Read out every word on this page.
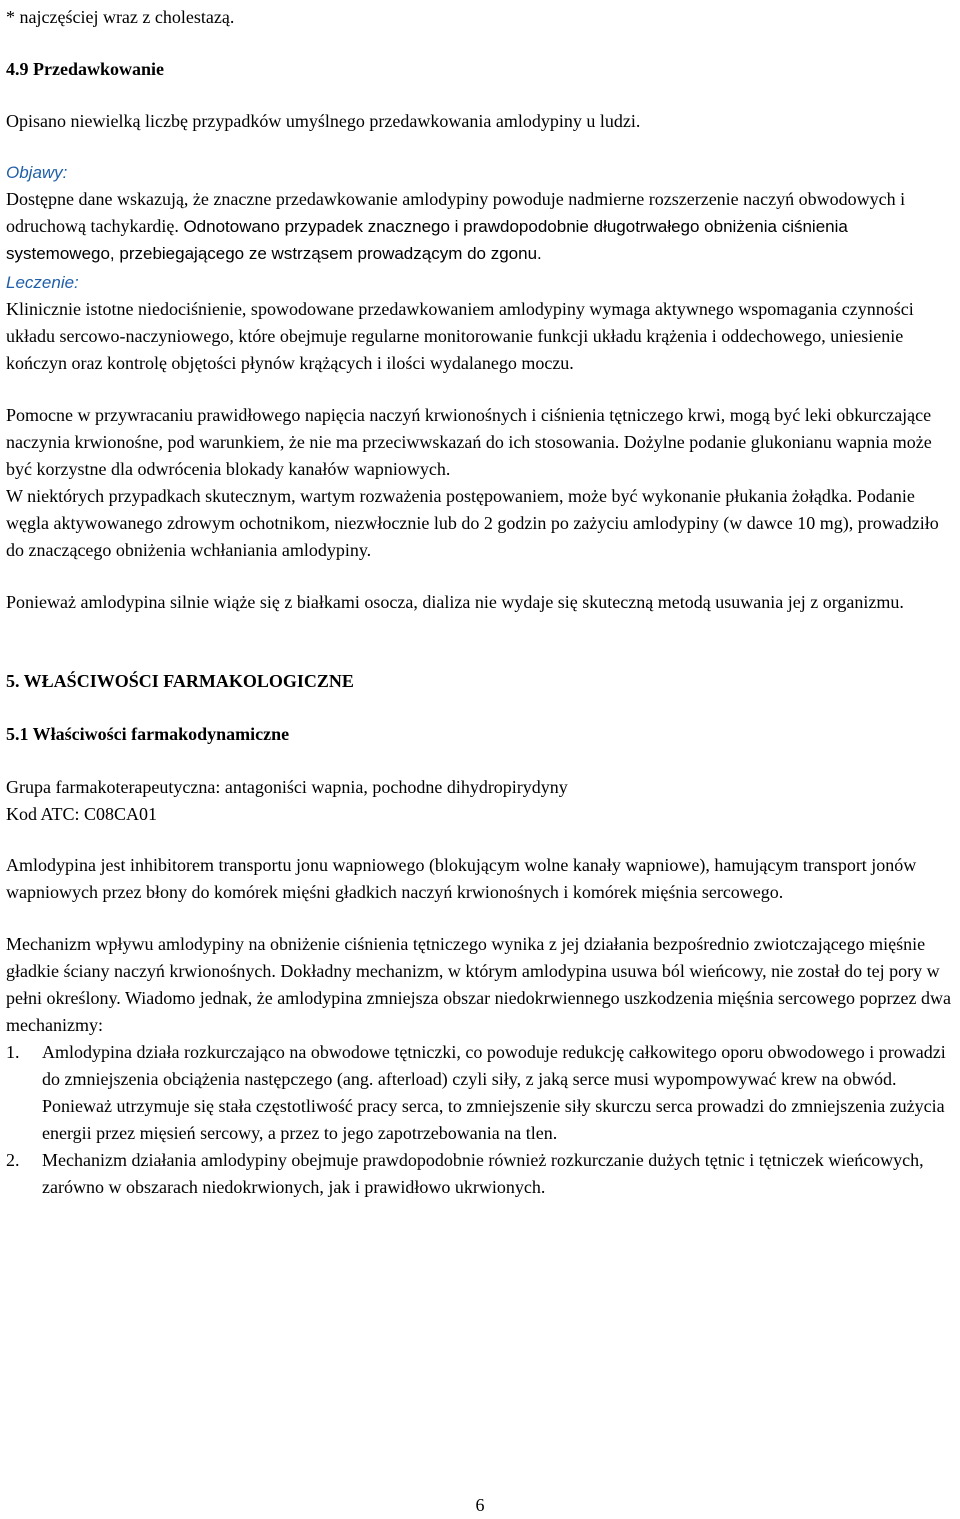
* najczęściej wraz z cholestazą.

4.9 Przedawkowanie

Opisano niewielką liczbę przypadków umyślnego przedawkowania amlodypiny u ludzi.

Objawy:
Dostępne dane wskazują, że znaczne przedawkowanie amlodypiny powoduje nadmierne rozszerzenie naczyń obwodowych i odruchową tachykardię. Odnotowano przypadek znacznego i prawdopodobnie długotrwałego obniżenia ciśnienia systemowego, przebiegającego ze wstrząsem prowadzącym do zgonu.
Leczenie:
Klinicznie istotne niedociśnienie, spowodowane przedawkowaniem amlodypiny wymaga aktywnego wspomagania czynności układu sercowo-naczyniowego, które obejmuje regularne monitorowanie funkcji układu krążenia i oddechowego, uniesienie kończyn oraz kontrolę objętości płynów krążących i ilości wydalanego moczu.
Pomocne w przywracaniu prawidłowego napięcia naczyń krwionośnych i ciśnienia tętniczego krwi, mogą być leki obkurczające naczynia krwionośne, pod warunkiem, że nie ma przeciwwskazań do ich stosowania. Dożylne podanie glukonianu wapnia może być korzystne dla odwrócenia blokady kanałów wapniowych.
W niektórych przypadkach skutecznym, wartym rozważenia postępowaniem, może być wykonanie płukania żołądka. Podanie węgla aktywowanego zdrowym ochotnikom, niezwłocznie lub do 2 godzin po zażyciu amlodypiny (w dawce 10 mg), prowadziło do znaczącego obniżenia wchłaniania amlodypiny.

Ponieważ amlodypina silnie wiąże się z białkami osocza, dializa nie wydaje się skuteczną metodą usuwania jej z organizmu.

5. WŁAŚCIWOŚCI FARMAKOLOGICZNE

5.1 Właściwości farmakodynamiczne

Grupa farmakoterapeutyczna: antagoniści wapnia, pochodne dihydropirydyny
Kod ATC: C08CA01

Amlodypina jest inhibitorem transportu jonu wapniowego (blokującym wolne kanały wapniowe), hamującym transport jonów wapniowych przez błony do komórek mięśni gładkich naczyń krwionośnych i komórek mięśnia sercowego.

Mechanizm wpływu amlodypiny na obniżenie ciśnienia tętniczego wynika z jej działania bezpośrednio zwiotczającego mięśnie gładkie ściany naczyń krwionośnych. Dokładny mechanizm, w którym amlodypina usuwa ból wieńcowy, nie został do tej pory w pełni określony. Wiadomo jednak, że amlodypina zmniejsza obszar niedokrwiennego uszkodzenia mięśnia sercowego poprzez dwa mechanizmy:

1. Amlodypina działa rozkurczająco na obwodowe tętniczki, co powoduje redukcję całkowitego oporu obwodowego i prowadzi do zmniejszenia obciążenia następczego (ang. afterload) czyli siły, z jaką serce musi wypompowywać krew na obwód. Ponieważ utrzymuje się stała częstotliwość pracy serca, to zmniejszenie siły skurczu serca prowadzi do zmniejszenia zużycia energii przez mięsień sercowy, a przez to jego zapotrzebowania na tlen.
2. Mechanizm działania amlodypiny obejmuje prawdopodobnie również rozkurczanie dużych tętnic i tętniczek wieńcowych, zarówno w obszarach niedokrwionych, jak i prawidłowo ukrwionych.
6
